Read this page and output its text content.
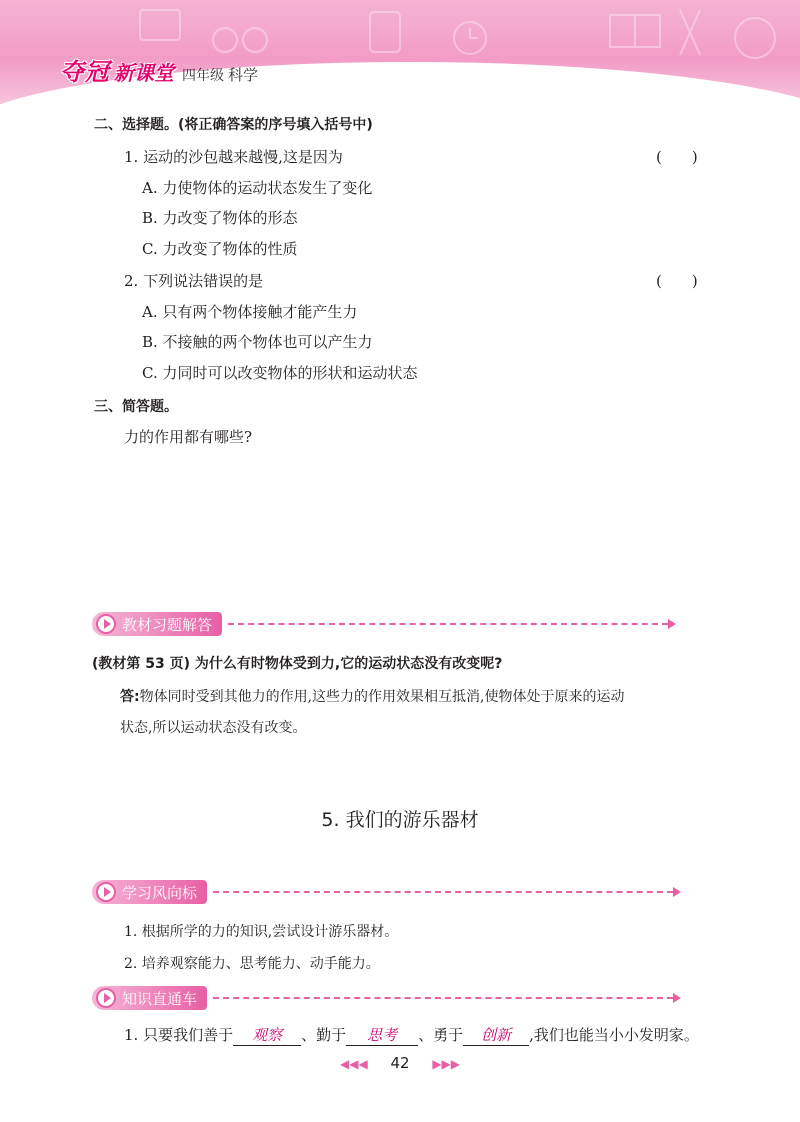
夺冠 新课堂 四年级 科学
二、选择题。(将正确答案的序号填入括号中)
1. 运动的沙包越来越慢,这是因为	(　　)
A. 力使物体的运动状态发生了变化
B. 力改变了物体的形态
C. 力改变了物体的性质
2. 下列说法错误的是	(　　)
A. 只有两个物体接触才能产生力
B. 不接触的两个物体也可以产生力
C. 力同时可以改变物体的形状和运动状态
三、简答题。
力的作用都有哪些?
教材习题解答
(教材第 53 页) 为什么有时物体受到力,它的运动状态没有改变呢?
答:物体同时受到其他力的作用,这些力的作用效果相互抵消,使物体处于原来的运动
状态,所以运动状态没有改变。
5. 我们的游乐器材
学习风向标
1. 根据所学的力的知识,尝试设计游乐器材。
2. 培养观察能力、思考能力、动手能力。
知识直通车
1. 只要我们善于 观察 、勤于 思考 、勇于 创新 ,我们也能当小小发明家。
◀◀◀ 42 ▶▶▶
